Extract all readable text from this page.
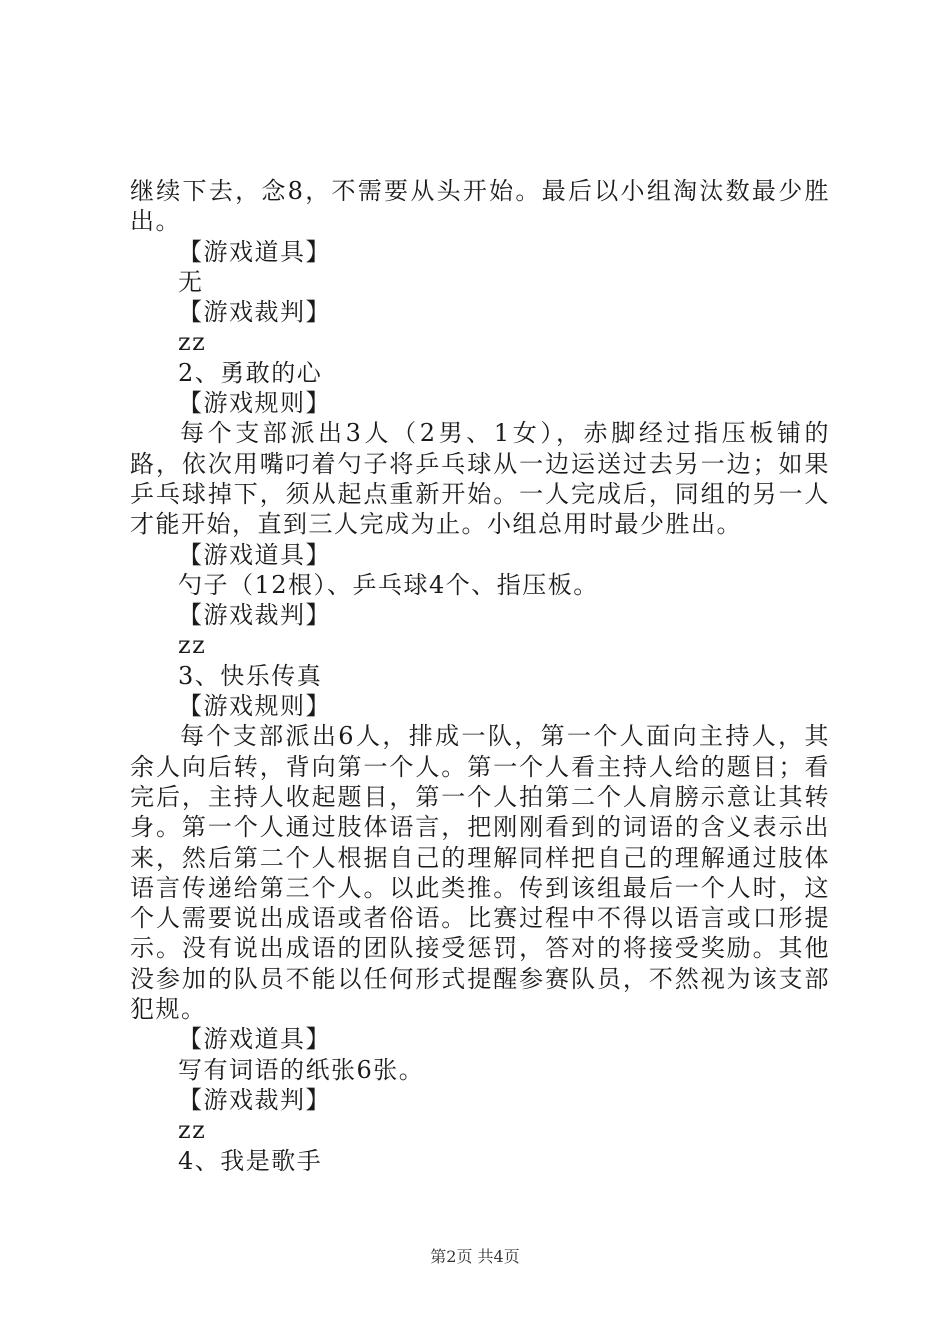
继续下去，念8，不需要从头开始。最后以小组淘汰数最少胜出。
【游戏道具】
无
【游戏裁判】
zz
2、勇敢的心
【游戏规则】
每个支部派出3人（2男、1女），赤脚经过指压板铺的路，依次用嘴叼着勺子将乒乓球从一边运送过去另一边；如果乒乓球掉下，须从起点重新开始。一人完成后，同组的另一人才能开始，直到三人完成为止。小组总用时最少胜出。
【游戏道具】
勺子（12根）、乒乓球4个、指压板。
【游戏裁判】
zz
3、快乐传真
【游戏规则】
每个支部派出6人，排成一队，第一个人面向主持人，其余人向后转，背向第一个人。第一个人看主持人给的题目；看完后，主持人收起题目，第一个人拍第二个人肩膀示意让其转身。第一个人通过肢体语言，把刚刚看到的词语的含义表示出来，然后第二个人根据自己的理解同样把自己的理解通过肢体语言传递给第三个人。以此类推。传到该组最后一个人时，这个人需要说出成语或者俗语。比赛过程中不得以语言或口形提示。没有说出成语的团队接受惩罚，答对的将接受奖励。其他没参加的队员不能以任何形式提醒参赛队员，不然视为该支部犯规。
【游戏道具】
写有词语的纸张6张。
【游戏裁判】
zz
4、我是歌手
第2页 共4页
